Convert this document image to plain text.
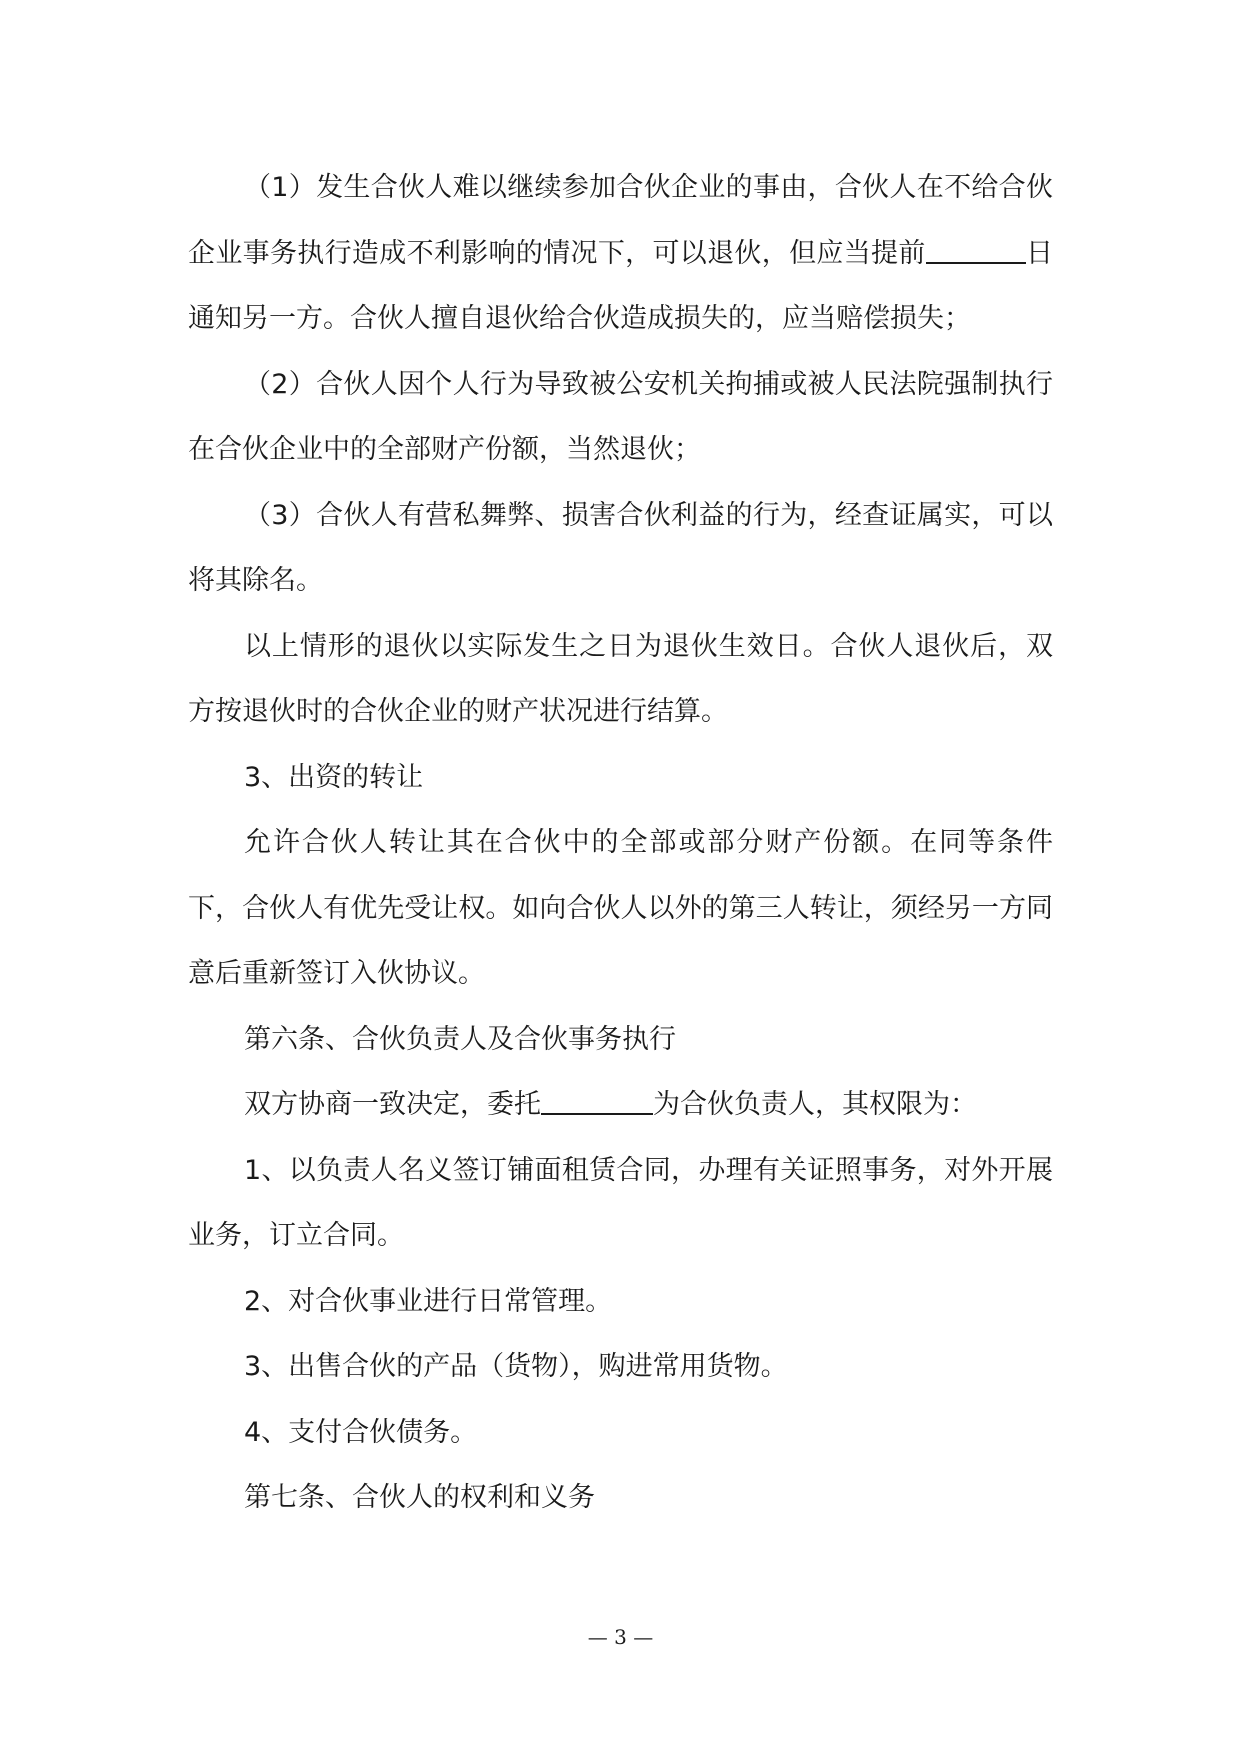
（1）发生合伙人难以继续参加合伙企业的事由，合伙人在不给合伙企业事务执行造成不利影响的情况下，可以退伙，但应当提前	日通知另一方。合伙人擅自退伙给合伙造成损失的，应当赔偿损失；

（2）合伙人因个人行为导致被公安机关拘捕或被人民法院强制执行在合伙企业中的全部财产份额，当然退伙；

（3）合伙人有营私舞弊、损害合伙利益的行为，经查证属实，可以将其除名。

以上情形的退伙以实际发生之日为退伙生效日。合伙人退伙后，双方按退伙时的合伙企业的财产状况进行结算。

3、出资的转让

允许合伙人转让其在合伙中的全部或部分财产份额。在同等条件下，合伙人有优先受让权。如向合伙人以外的第三人转让，须经另一方同意后重新签订入伙协议。

第六条、合伙负责人及合伙事务执行

双方协商一致决定，委托	为合伙负责人，其权限为：

1、以负责人名义签订铺面租赁合同，办理有关证照事务，对外开展业务，订立合同。

2、对合伙事业进行日常管理。

3、出售合伙的产品（货物），购进常用货物。

4、支付合伙债务。

第七条、合伙人的权利和义务

— 3 —
